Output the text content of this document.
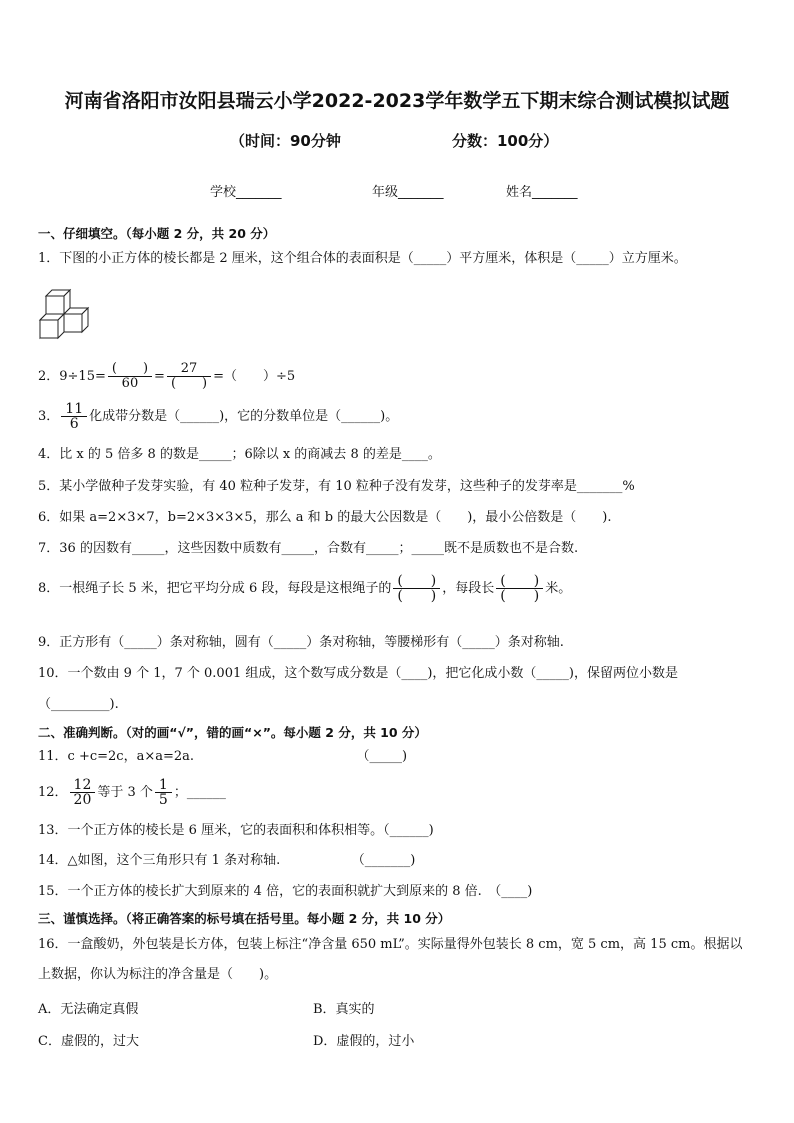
河南省洛阳市汝阳县瑞云小学2022-2023学年数学五下期末综合测试模拟试题
（时间：90分钟	分数：100分）
学校_______	年级_______	姓名_______
一、仔细填空。（每小题 2 分，共 20 分）
1．下图的小正方体的棱长都是 2 厘米，这个组合体的表面积是（_____）平方厘米，体积是（_____）立方厘米。
2．$9\div 15= \frac{( )}{60} = \frac{27}{( )}$ =（　　）÷5
3． $\frac{11}{6}$ 化成带分数是（______)，它的分数单位是（______)。
4．比 x 的 5 倍多 8 的数是_____；6除以 x 的商减去 8 的差是____。
5．某小学做种子发芽实验，有 40 粒种子发芽，有 10 粒种子没有发芽，这些种子的发芽率是_______%
6．如果 a=2×3×7，b=2×3×3×5，那么 a 和 b 的最大公因数是（　　)，最小公倍数是（　　).
7．36 的因数有_____，这些因数中质数有_____，合数有_____；_____既不是质数也不是合数.
8．一根绳子长 5 米，把它平均分成 6 段，每段是这根绳子的 $\frac{( )}{( )}$ ，每段长 $\frac{( )}{( )}$ 米。
9．正方形有（_____）条对称轴，圆有（_____）条对称轴，等腰梯形有（_____）条对称轴.
10．一个数由 9 个 1，7 个 0.001 组成，这个数写成分数是（____)，把它化成小数（_____)，保留两位小数是
（_________).
二、准确判断。（对的画“√”，错的画“×”。每小题 2 分，共 10 分）
11．c +c=2c，a×a=2a.　　　　　　　　　　　　　（_____)
12． $\frac{12}{20}$ 等于 3 个 $\frac{1}{5}$ ；______
13．一个正方体的棱长是 6 厘米，它的表面积和体积相等。（______)
14．△如图，这个三角形只有 1 条对称轴.　　　　　　（_______)
15．一个正方体的棱长扩大到原来的 4 倍，它的表面积就扩大到原来的 8 倍.　（____)
三、谨慎选择。（将正确答案的标号填在括号里。每小题 2 分，共 10 分）
16．一盒酸奶，外包装是长方体，包装上标注“净含量 650 mL”。实际量得外包装长 8 cm，宽 5 cm，高 15 cm。根据以
上数据，你认为标注的净含量是（　　)。
A．无法确定真假	B．真实的
C．虚假的，过大	D．虚假的，过小
